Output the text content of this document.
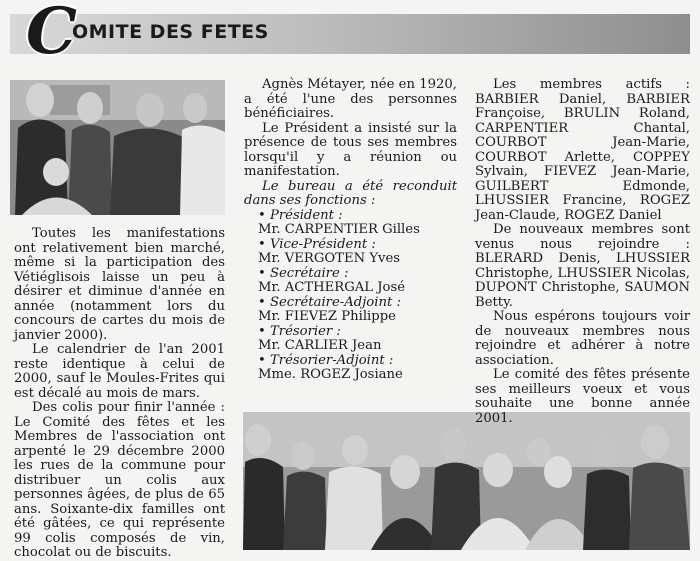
C
OMITE DES FETES

Toutes les manifestations ont relativement bien marché, même si la participation des Vétiéglisois laisse un peu à désirer et diminue d'année en année (notamment lors du concours de cartes du mois de janvier 2000).

Le calendrier de l'an 2001 reste identique à celui de 2000, sauf le Moules-Frites qui est décalé au mois de mars.

Des colis pour finir l'année : Le Comité des fêtes et les Membres de l'association ont arpenté le 29 décembre 2000 les rues de la commune pour distribuer un colis aux personnes âgées, de plus de 65 ans. Soixante-dix familles ont été gâtées, ce qui représente 99 colis composés de vin, chocolat ou de biscuits.

Agnès Métayer, née en 1920, a été l'une des personnes bénéficiaires.

Le Président a insisté sur la présence de tous ses membres lorsqu'il y a réunion ou manifestation.

Le bureau a été reconduit dans ses fonctions :

• Président :

Mr. CARPENTIER Gilles

• Vice-Président :

Mr. VERGOTEN Yves

• Secrétaire :

Mr. ACTHERGAL José

• Secrétaire-Adjoint :

Mr. FIEVEZ Philippe

• Trésorier :

Mr. CARLIER Jean

• Trésorier-Adjoint :

Mme. ROGEZ Josiane

Les membres actifs : BARBIER Daniel, BARBIER Françoise, BRULIN Roland, CARPENTIER Chantal, COURBOT Jean-Marie, COURBOT Arlette, COPPEY Sylvain, FIEVEZ Jean-Marie, GUILBERT Edmonde, LHUSSIER Francine, ROGEZ Jean-Claude, ROGEZ Daniel

De nouveaux membres sont venus nous rejoindre : BLERARD Denis, LHUSSIER Christophe, LHUSSIER Nicolas, DUPONT Christophe, SAUMON Betty.

Nous espérons toujours voir de nouveaux membres nous rejoindre et adhérer à notre association.

Le comité des fêtes présente ses meilleurs voeux et vous souhaite une bonne année 2001.
